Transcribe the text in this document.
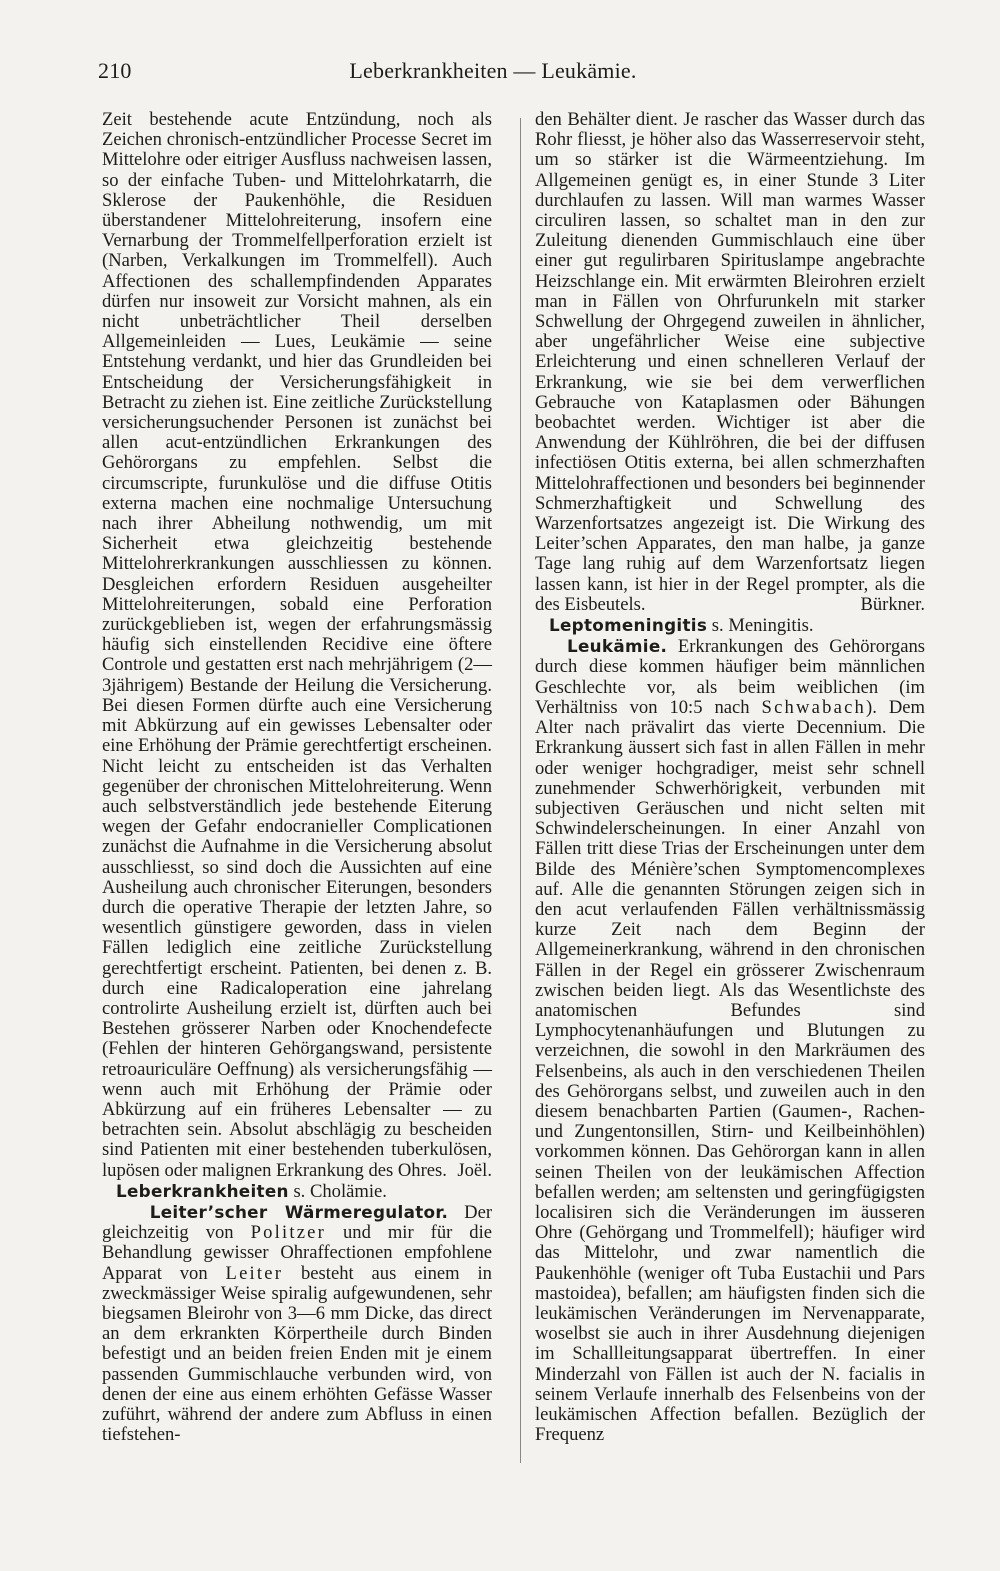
210	Leberkrankheiten — Leukämie.

Zeit bestehende acute Entzündung, noch als Zeichen chronisch-entzündlicher Processe Secret im Mittelohre oder eitriger Ausfluss nachweisen lassen, so der einfache Tuben- und Mittelohrkatarrh, die Sklerose der Paukenhöhle, die Residuen überstandener Mittelohreiterung, insofern eine Vernarbung der Trommelfellperforation erzielt ist (Narben, Verkalkungen im Trommelfell). Auch Affectionen des schallempfindenden Apparates dürfen nur insoweit zur Vorsicht mahnen, als ein nicht unbeträchtlicher Theil derselben Allgemeinleiden — Lues, Leukämie — seine Entstehung verdankt, und hier das Grundleiden bei Entscheidung der Versicherungsfähigkeit in Betracht zu ziehen ist. Eine zeitliche Zurückstellung versicherungsuchender Personen ist zunächst bei allen acut-entzündlichen Erkrankungen des Gehörorgans zu empfehlen. Selbst die circumscripte, furunkulöse und die diffuse Otitis externa machen eine nochmalige Untersuchung nach ihrer Abheilung nothwendig, um mit Sicherheit etwa gleichzeitig bestehende Mittelohrerkrankungen ausschliessen zu können. Desgleichen erfordern Residuen ausgeheilter Mittelohreiterungen, sobald eine Perforation zurückgeblieben ist, wegen der erfahrungsmässig häufig sich einstellenden Recidive eine öftere Controle und gestatten erst nach mehrjährigem (2—3jährigem) Bestande der Heilung die Versicherung. Bei diesen Formen dürfte auch eine Versicherung mit Abkürzung auf ein gewisses Lebensalter oder eine Erhöhung der Prämie gerechtfertigt erscheinen. Nicht leicht zu entscheiden ist das Verhalten gegenüber der chronischen Mittelohreiterung. Wenn auch selbstverständlich jede bestehende Eiterung wegen der Gefahr endocranieller Complicationen zunächst die Aufnahme in die Versicherung absolut ausschliesst, so sind doch die Aussichten auf eine Ausheilung auch chronischer Eiterungen, besonders durch die operative Therapie der letzten Jahre, so wesentlich günstigere geworden, dass in vielen Fällen lediglich eine zeitliche Zurückstellung gerechtfertigt erscheint. Patienten, bei denen z. B. durch eine Radicaloperation eine jahrelang controlirte Ausheilung erzielt ist, dürften auch bei Bestehen grösserer Narben oder Knochendefecte (Fehlen der hinteren Gehörgangswand, persistente retroauriculäre Oeffnung) als versicherungsfähig — wenn auch mit Erhöhung der Prämie oder Abkürzung auf ein früheres Lebensalter — zu betrachten sein. Absolut abschlägig zu bescheiden sind Patienten mit einer bestehenden tuberkulösen, lupösen oder malignen Erkrankung des Ohres. Joël.

Leberkrankheiten s. Cholämie.

Leiter’scher Wärmeregulator. Der gleichzeitig von Politzer und mir für die Behandlung gewisser Ohraffectionen empfohlene Apparat von Leiter besteht aus einem in zweckmässiger Weise spiralig aufgewundenen, sehr biegsamen Bleirohr von 3—6 mm Dicke, das direct an dem erkrankten Körpertheile durch Binden befestigt und an beiden freien Enden mit je einem passenden Gummischlauche verbunden wird, von denen der eine aus einem erhöhten Gefässe Wasser zuführt, während der andere zum Abfluss in einen tiefstehen-

den Behälter dient. Je rascher das Wasser durch das Rohr fliesst, je höher also das Wasserreservoir steht, um so stärker ist die Wärmeentziehung. Im Allgemeinen genügt es, in einer Stunde 3 Liter durchlaufen zu lassen. Will man warmes Wasser circuliren lassen, so schaltet man in den zur Zuleitung dienenden Gummischlauch eine über einer gut regulirbaren Spirituslampe angebrachte Heizschlange ein. Mit erwärmten Bleirohren erzielt man in Fällen von Ohrfurunkeln mit starker Schwellung der Ohrgegend zuweilen in ähnlicher, aber ungefährlicher Weise eine subjective Erleichterung und einen schnelleren Verlauf der Erkrankung, wie sie bei dem verwerflichen Gebrauche von Kataplasmen oder Bähungen beobachtet werden. Wichtiger ist aber die Anwendung der Kühlröhren, die bei der diffusen infectiösen Otitis externa, bei allen schmerzhaften Mittelohraffectionen und besonders bei beginnender Schmerzhaftigkeit und Schwellung des Warzenfortsatzes angezeigt ist. Die Wirkung des Leiter’schen Apparates, den man halbe, ja ganze Tage lang ruhig auf dem Warzenfortsatz liegen lassen kann, ist hier in der Regel prompter, als die des Eisbeutels.	Bürkner.

Leptomeningitis s. Meningitis.

Leukämie. Erkrankungen des Gehörorgans durch diese kommen häufiger beim männlichen Geschlechte vor, als beim weiblichen (im Verhältniss von 10:5 nach Schwabach). Dem Alter nach prävalirt das vierte Decennium. Die Erkrankung äussert sich fast in allen Fällen in mehr oder weniger hochgradiger, meist sehr schnell zunehmender Schwerhörigkeit, verbunden mit subjectiven Geräuschen und nicht selten mit Schwindelerscheinungen. In einer Anzahl von Fällen tritt diese Trias der Erscheinungen unter dem Bilde des Ménière’schen Symptomencomplexes auf. Alle die genannten Störungen zeigen sich in den acut verlaufenden Fällen verhältnissmässig kurze Zeit nach dem Beginn der Allgemeinerkrankung, während in den chronischen Fällen in der Regel ein grösserer Zwischenraum zwischen beiden liegt. Als das Wesentlichste des anatomischen Befundes sind Lymphocytenanhäufungen und Blutungen zu verzeichnen, die sowohl in den Markräumen des Felsenbeins, als auch in den verschiedenen Theilen des Gehörorgans selbst, und zuweilen auch in den diesem benachbarten Partien (Gaumen-, Rachen- und Zungentonsillen, Stirn- und Keilbeinhöhlen) vorkommen können. Das Gehörorgan kann in allen seinen Theilen von der leukämischen Affection befallen werden; am seltensten und geringfügigsten localisiren sich die Veränderungen im äusseren Ohre (Gehörgang und Trommelfell); häufiger wird das Mittelohr, und zwar namentlich die Paukenhöhle (weniger oft Tuba Eustachii und Pars mastoidea), befallen; am häufigsten finden sich die leukämischen Veränderungen im Nervenapparate, woselbst sie auch in ihrer Ausdehnung diejenigen im Schallleitungsapparat übertreffen. In einer Minderzahl von Fällen ist auch der N. facialis in seinem Verlaufe innerhalb des Felsenbeins von der leukämischen Affection befallen. Bezüglich der Frequenz
